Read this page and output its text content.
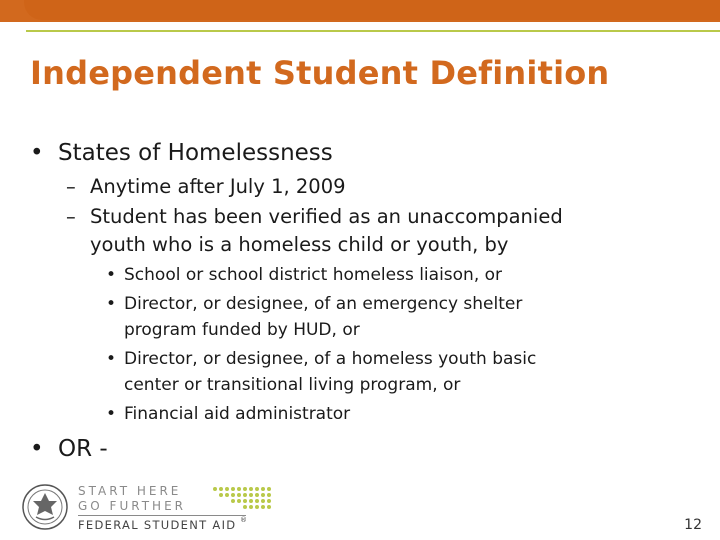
Independent Student Definition
• States of Homelessness
– Anytime after July 1, 2009
– Student has been verified as an unaccompanied
youth who is a homeless child or youth, by
• School or school district homeless liaison, or
• Director, or designee, of an emergency shelter
program funded by HUD, or
• Director, or designee, of a homeless youth basic
center or transitional living program, or
• Financial aid administrator
• OR -
START HERE
GO FURTHER
FEDERAL STUDENT AID ®	12
